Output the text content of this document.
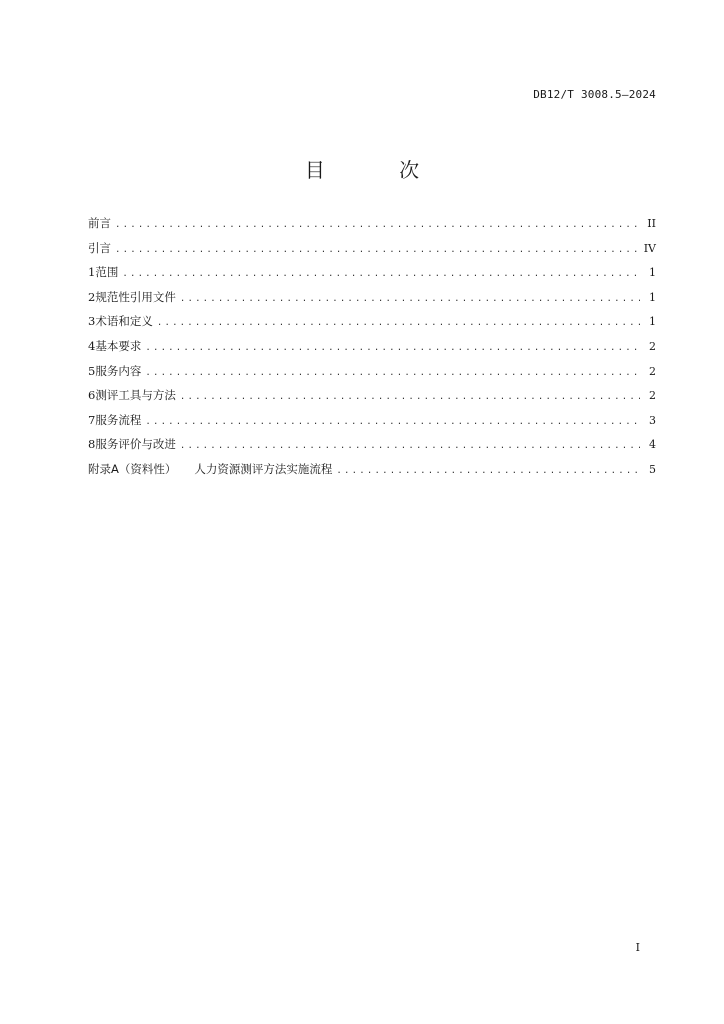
DB12/T 3008.5—2024
目 次
前言 .....	II
引言 .....	IV
1 范围 .....	1
2 规范性引用文件 .....	1
3 术语和定义 .....	1
4 基本要求 .....	2
5 服务内容 .....	2
6 测评工具与方法 .....	2
7 服务流程 .....	3
8 服务评价与改进 .....	4
附录A（资料性） 人力资源测评方法实施流程 .....	5
I
